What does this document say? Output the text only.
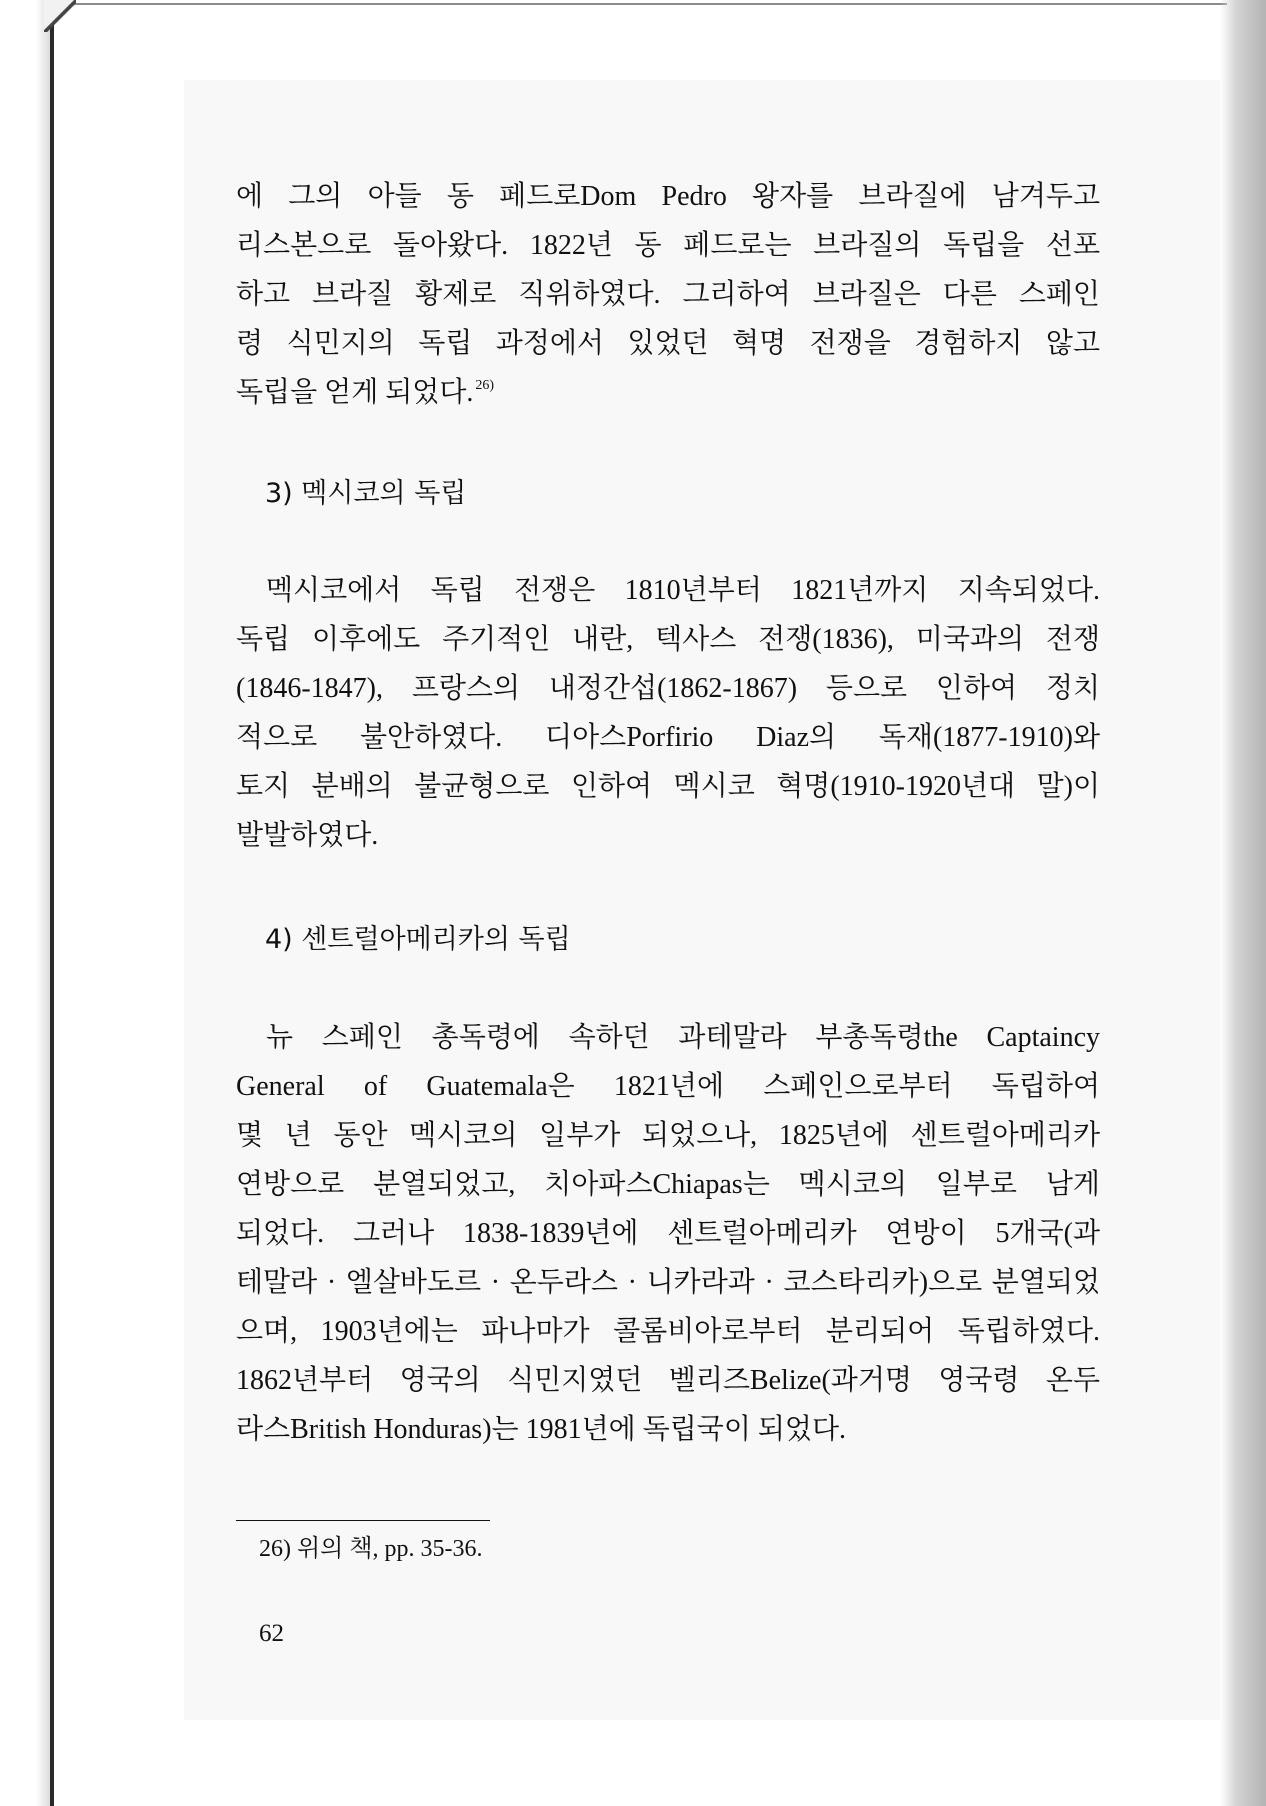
에 그의 아들 동 페드로Dom Pedro 왕자를 브라질에 남겨두고
리스본으로 돌아왔다. 1822년 동 페드로는 브라질의 독립을 선포
하고 브라질 황제로 직위하였다. 그리하여 브라질은 다른 스페인
령 식민지의 독립 과정에서 있었던 혁명 전쟁을 경험하지 않고
독립을 얻게 되었다. $^{26)}$
3) 멕시코의 독립
멕시코에서 독립 전쟁은 1810년부터 1821년까지 지속되었다.
독립 이후에도 주기적인 내란, 텍사스 전쟁(1836), 미국과의 전쟁
(1846-1847), 프랑스의 내정간섭(1862-1867) 등으로 인하여 정치
적으로 불안하였다. 디아스Porfirio Diaz의 독재(1877-1910)와
토지 분배의 불균형으로 인하여 멕시코 혁명(1910-1920년대 말)이
발발하였다.
4) 센트럴아메리카의 독립
뉴 스페인 총독령에 속하던 과테말라 부총독령the Captaincy
General of Guatemala은 1821년에 스페인으로부터 독립하여
몇 년 동안 멕시코의 일부가 되었으나, 1825년에 센트럴아메리카
연방으로 분열되었고, 치아파스Chiapas는 멕시코의 일부로 남게
되었다. 그러나 1838-1839년에 센트럴아메리카 연방이 5개국(과
테말라 · 엘살바도르 · 온두라스 · 니카라과 · 코스타리카)으로 분열되었
으며, 1903년에는 파나마가 콜롬비아로부터 분리되어 독립하였다.
1862년부터 영국의 식민지였던 벨리즈Belize(과거명 영국령 온두
라스British Honduras)는 1981년에 독립국이 되었다.
26) 위의 책, pp. 35-36.
62
